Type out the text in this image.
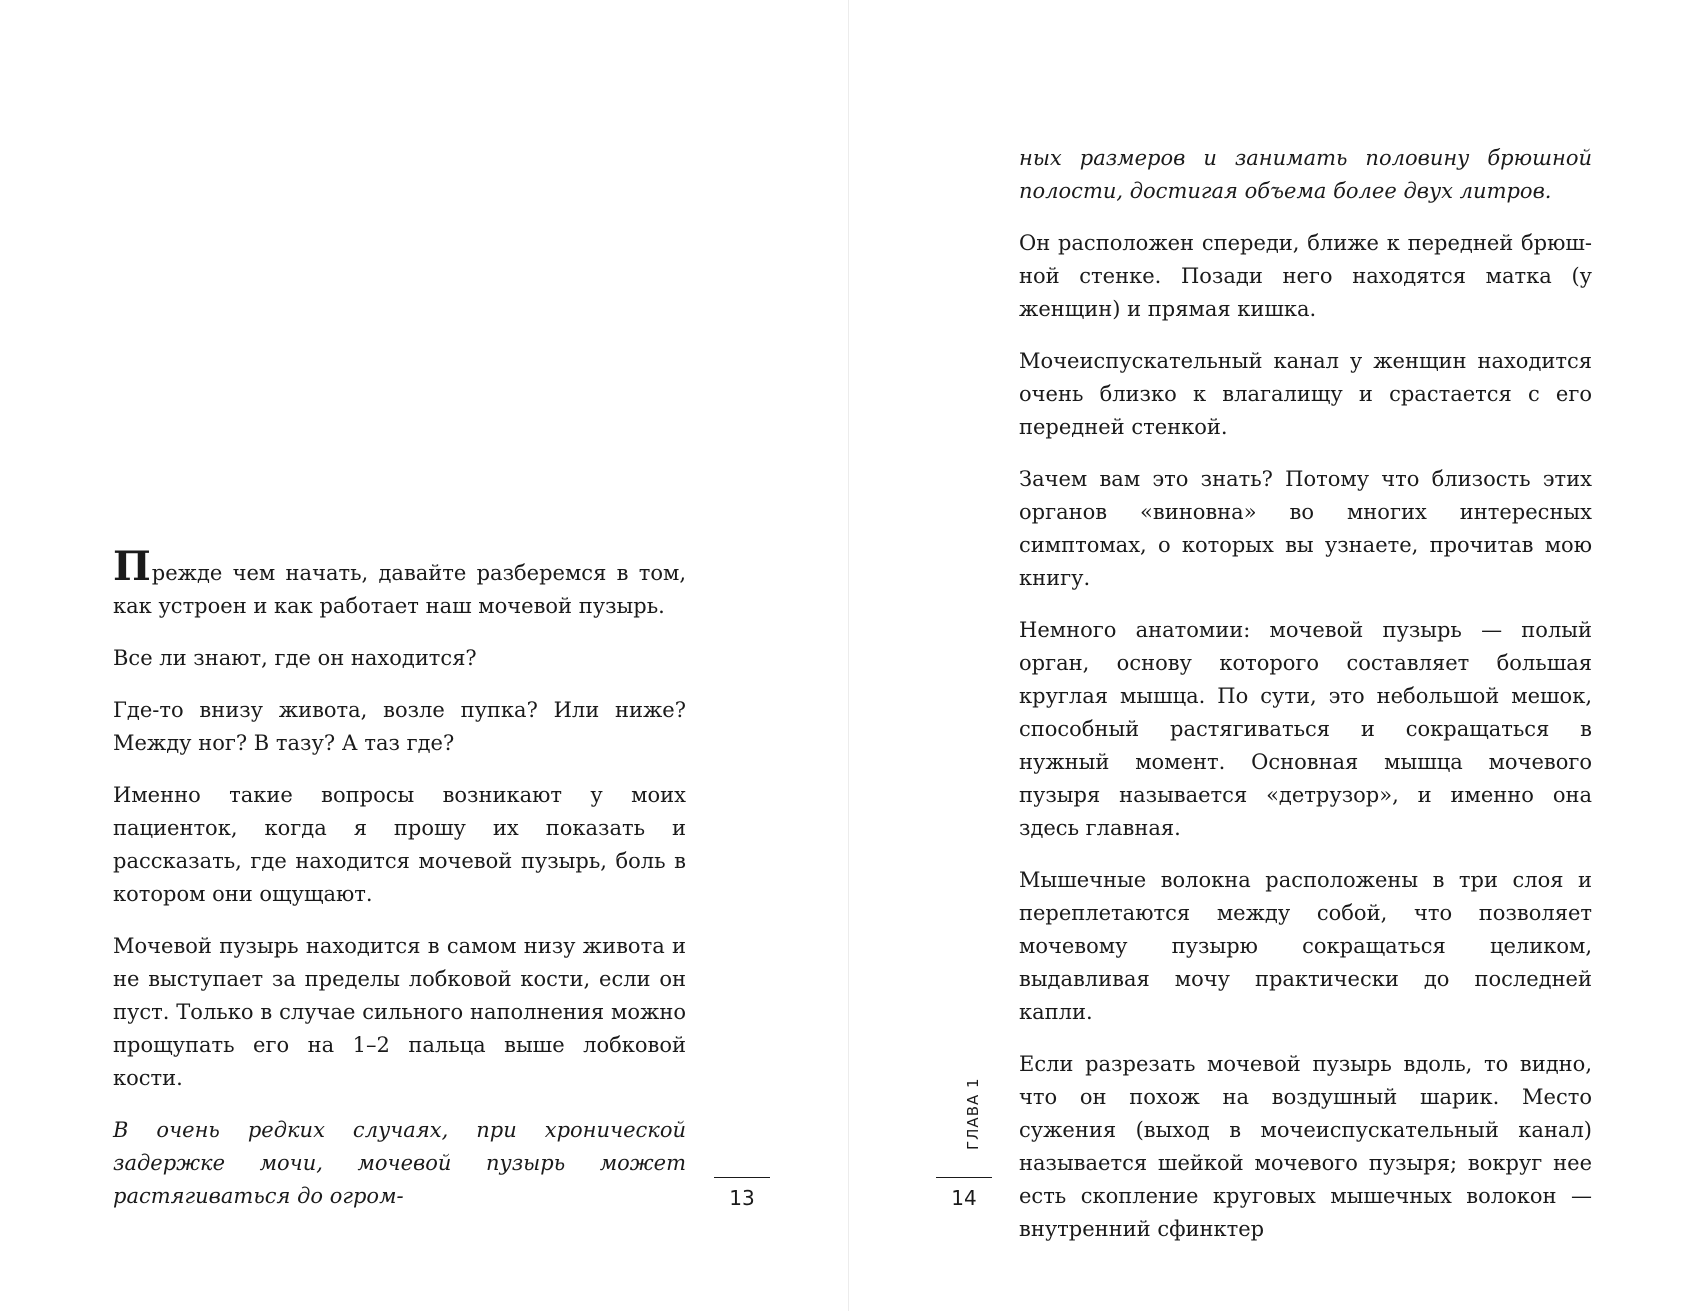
Прежде чем начать, давайте разберемся в том, как устроен и как работает наш мочевой пузырь.

Все ли знают, где он находится?

Где-то внизу живота, возле пупка? Или ниже? Между ног? В тазу? А таз где?

Именно такие вопросы возникают у моих пациенток, когда я прошу их показать и рассказать, где находится мочевой пузырь, боль в котором они ощущают.

Мочевой пузырь находится в самом низу живота и не выступает за пределы лобковой кости, если он пуст. Только в случае сильного наполнения можно прощупать его на 1–2 пальца выше лобковой кости.

В очень редких случаях, при хронической задержке мочи, мочевой пузырь может растягиваться до огром-	13

ных размеров и занимать половину брюшной полости, достигая объема более двух литров.

Он расположен спереди, ближе к передней брюшной стенке. Позади него находятся матка (у женщин) и прямая кишка.

Мочеиспускательный канал у женщин находится очень близко к влагалищу и срастается с его передней стенкой.

Зачем вам это знать? Потому что близость этих органов «виновна» во многих интересных симптомах, о которых вы узнаете, прочитав мою книгу.

Немного анатомии: мочевой пузырь — полый орган, основу которого составляет большая круглая мышца. По сути, это небольшой мешок, способный растягиваться и сокращаться в нужный момент. Основная мышца мочевого пузыря называется «детрузор», и именно она здесь главная.

Мышечные волокна расположены в три слоя и переплетаются между собой, что позволяет мочевому пузырю сокращаться целиком, выдавливая мочу практически до последней капли.

Если разрезать мочевой пузырь вдоль, то видно, что он похож на воздушный шарик. Место сужения (выход в мочеиспускательный канал) называется шейкой мочевого пузыря; вокруг нее есть скопление круговых мышечных волокон — внутренний сфинктер

ГЛАВА 1
14
